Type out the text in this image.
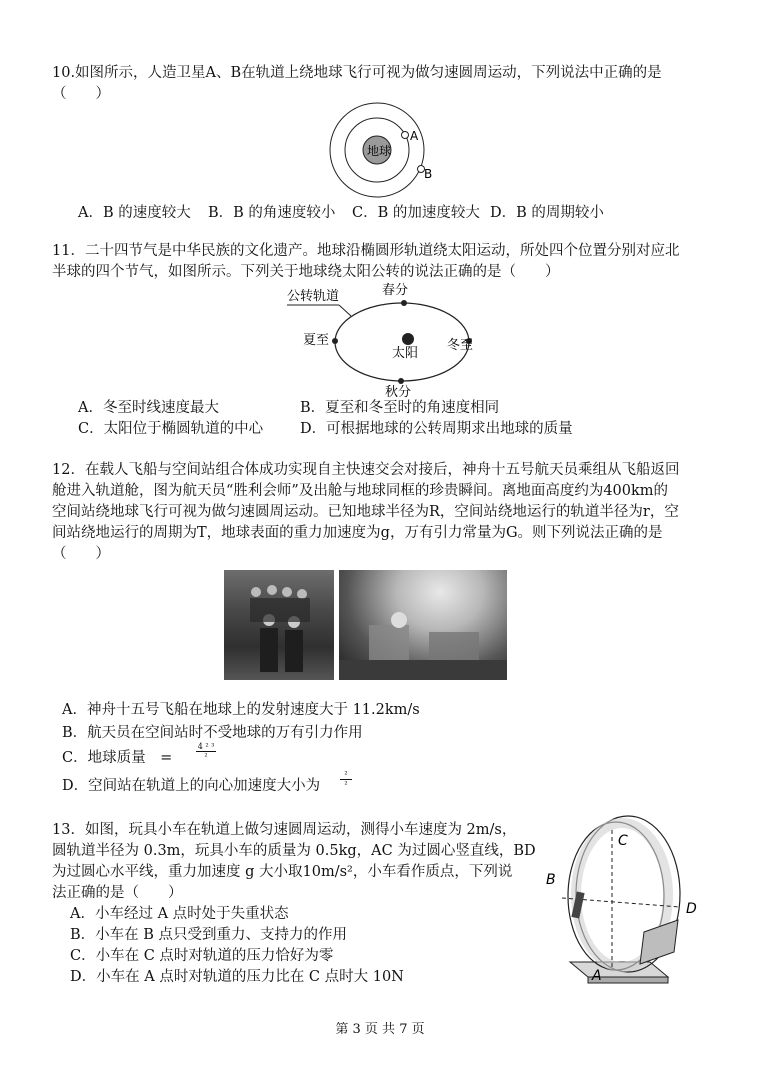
10.如图所示，人造卫星A、B在轨道上绕地球飞行可视为做匀速圆周运动，下列说法中正确的是
（　　）
地球
A
B
A．B 的速度较大 B．B 的角速度较小 C．B 的加速度较大 D．B 的周期较小
11．二十四节气是中华民族的文化遗产。地球沿椭圆形轨道绕太阳运动，所处四个位置分别对应北
半球的四个节气，如图所示。下列关于地球绕太阳公转的说法正确的是（　　）
公转轨道	春分
夏至	冬至
秋分
太阳
A．冬至时线速度最大	B．夏至和冬至时的角速度相同
C．太阳位于椭圆轨道的中心	D．可根据地球的公转周期求出地球的质量
12．在载人飞船与空间站组合体成功实现自主快速交会对接后，神舟十五号航天员乘组从飞船返回
舱进入轨道舱，图为航天员“胜利会师”及出舱与地球同框的珍贵瞬间。离地面高度约为400km的
空间站绕地球飞行可视为做匀速圆周运动。已知地球半径为R，空间站绕地运行的轨道半径为r，空
间站绕地运行的周期为T，地球表面的重力加速度为g，万有引力常量为G。则下列说法正确的是
（　　）
A．神舟十五号飞船在地球上的发射速度大于 11.2km/s
B．航天员在空间站时不受地球的万有引力作用
C．地球质量　=
4 ² ³
²
D．空间站在轨道上的向心加速度大小为
²
²
13．如图，玩具小车在轨道上做匀速圆周运动，测得小车速度为 2m/s，
圆轨道半径为 0.3m，玩具小车的质量为 0.5kg，AC 为过圆心竖直线，BD
为过圆心水平线，重力加速度 g 大小取10m/s²，小车看作质点，下列说
法正确的是（　　）
A．小车经过 A 点时处于失重状态
B．小车在 B 点只受到重力、支持力的作用
C．小车在 C 点时对轨道的压力恰好为零
D．小车在 A 点时对轨道的压力比在 C 点时大 10N
C
B
D
A
第 3 页 共 7 页
